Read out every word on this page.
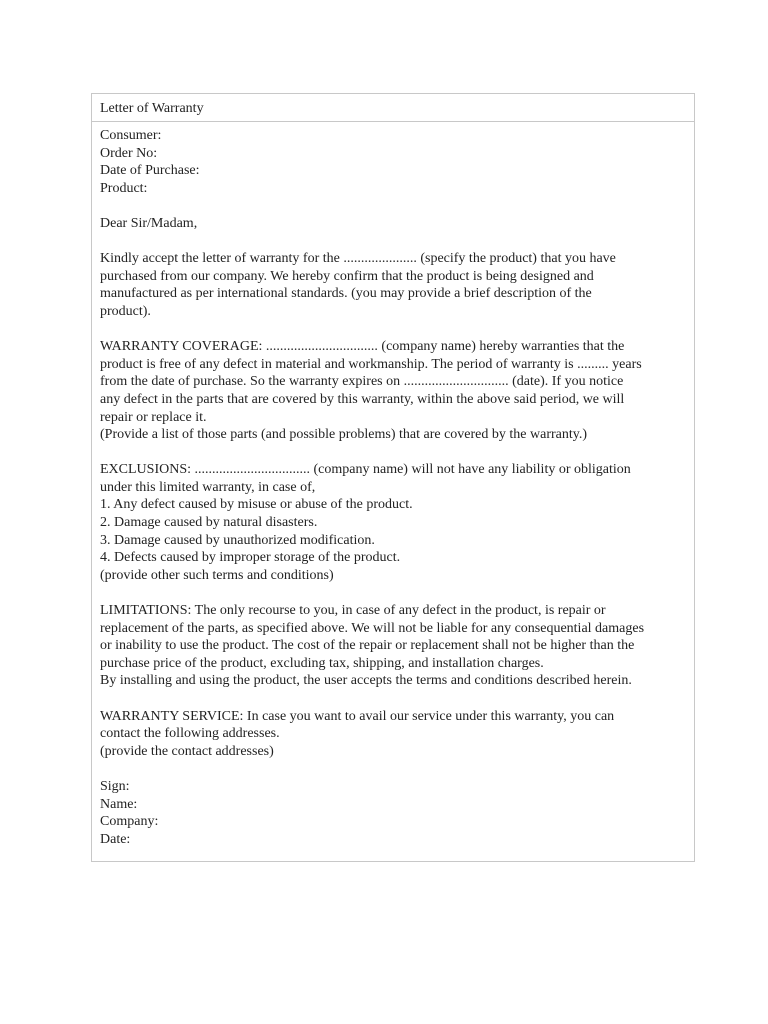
Letter of Warranty
Consumer:
Order No:
Date of Purchase:
Product:
Dear Sir/Madam,
Kindly accept the letter of warranty for the ..................... (specify the product) that you have
purchased from our company. We hereby confirm that the product is being designed and
manufactured as per international standards. (you may provide a brief description of the
product).
WARRANTY COVERAGE: ................................ (company name) hereby warranties that the
product is free of any defect in material and workmanship. The period of warranty is ......... years
from the date of purchase. So the warranty expires on .............................. (date). If you notice
any defect in the parts that are covered by this warranty, within the above said period, we will
repair or replace it.
(Provide a list of those parts (and possible problems) that are covered by the warranty.)
EXCLUSIONS: ................................. (company name) will not have any liability or obligation
under this limited warranty, in case of,
1. Any defect caused by misuse or abuse of the product.
2. Damage caused by natural disasters.
3. Damage caused by unauthorized modification.
4. Defects caused by improper storage of the product.
(provide other such terms and conditions)
LIMITATIONS: The only recourse to you, in case of any defect in the product, is repair or
replacement of the parts, as specified above. We will not be liable for any consequential damages
or inability to use the product. The cost of the repair or replacement shall not be higher than the
purchase price of the product, excluding tax, shipping, and installation charges.
By installing and using the product, the user accepts the terms and conditions described herein.
WARRANTY SERVICE: In case you want to avail our service under this warranty, you can
contact the following addresses.
(provide the contact addresses)
Sign:
Name:
Company:
Date:
